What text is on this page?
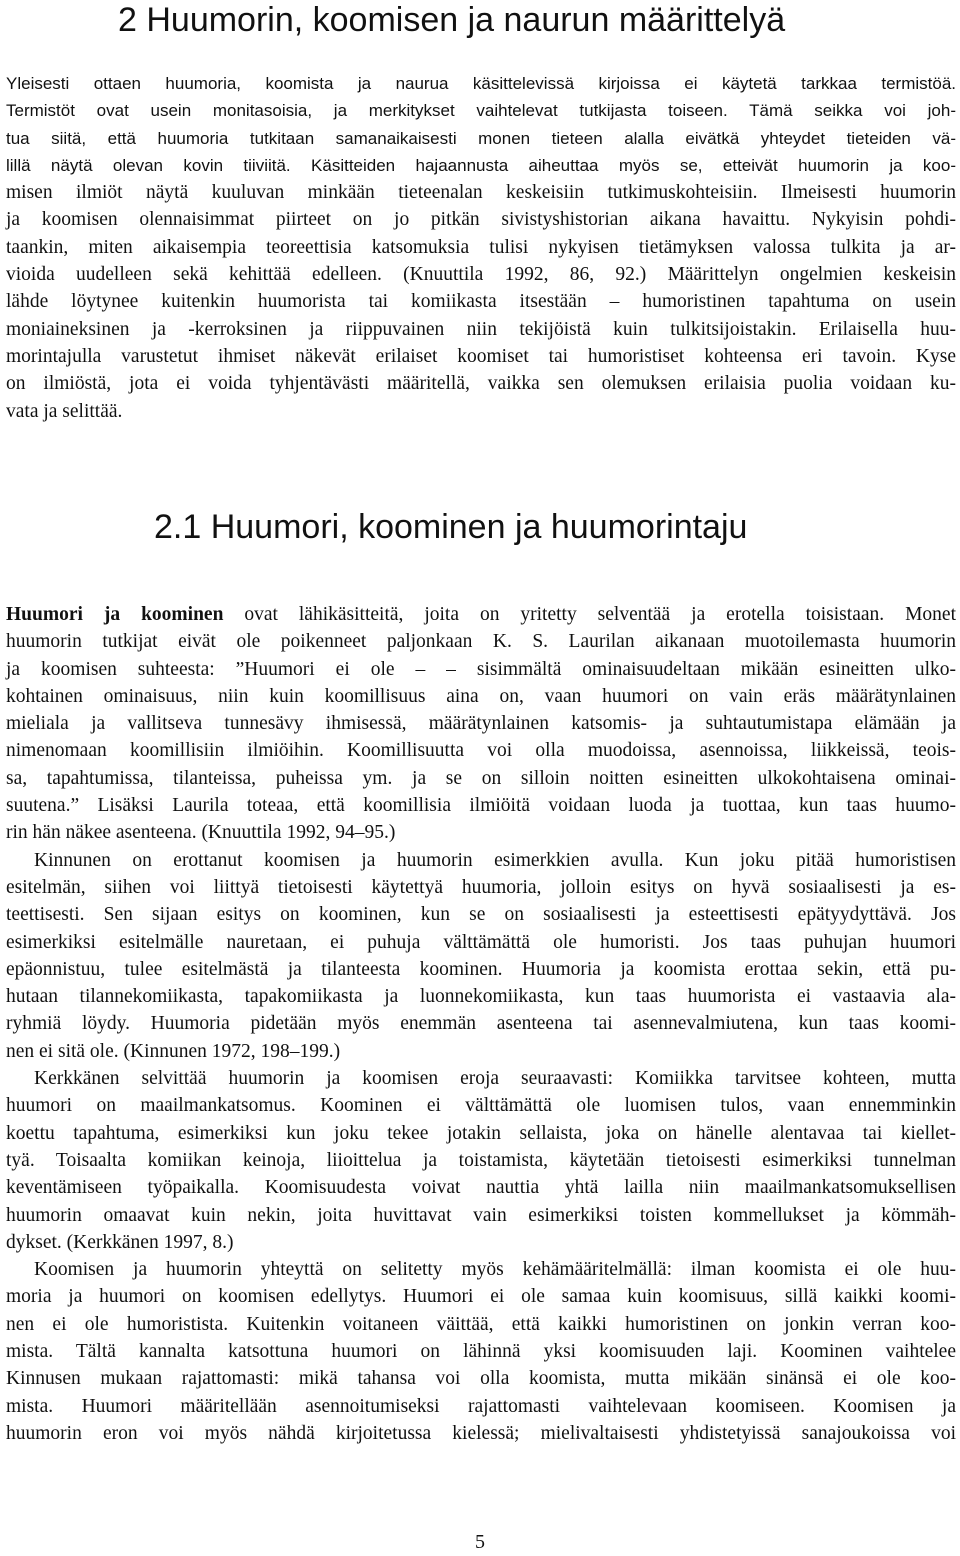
2 Huumorin, koomisen ja naurun määrittelyä
Yleisesti ottaen huumoria, koomista ja naurua käsittelevissä kirjoissa ei käytetä tarkkaa termistöä.
Termistöt ovat usein monitasoisia, ja merkitykset vaihtelevat tutkijasta toiseen. Tämä seikka voi joh-
tua siitä, että huumoria tutkitaan samanaikaisesti monen tieteen alalla eivätkä yhteydet tieteiden vä-
lillä näytä olevan kovin tiiviitä. Käsitteiden hajaannusta aiheuttaa myös se, etteivät huumorin ja koo-
misen ilmiöt näytä kuuluvan minkään tieteenalan keskeisiin tutkimuskohteisiin. Ilmeisesti huumorin
ja koomisen olennaisimmat piirteet on jo pitkän sivistyshistorian aikana havaittu. Nykyisin pohdi-
taankin, miten aikaisempia teoreettisia katsomuksia tulisi nykyisen tietämyksen valossa tulkita ja ar-
vioida uudelleen sekä kehittää edelleen. (Knuuttila 1992, 86, 92.) Määrittelyn ongelmien keskeisin
lähde löytynee kuitenkin huumorista tai komiikasta itsestään – humoristinen tapahtuma on usein
moniaineksinen ja -kerroksinen ja riippuvainen niin tekijöistä kuin tulkitsijoistakin. Erilaisella huu-
morintajulla varustetut ihmiset näkevät erilaiset koomiset tai humoristiset kohteensa eri tavoin. Kyse
on ilmiöstä, jota ei voida tyhjentävästi määritellä, vaikka sen olemuksen erilaisia puolia voidaan ku-
vata ja selittää.
2.1 Huumori, koominen ja huumorintaju
Huumori ja koominen ovat lähikäsitteitä, joita on yritetty selventää ja erotella toisistaan. Monet
huumorin tutkijat eivät ole poikenneet paljonkaan K. S. Laurilan aikanaan muotoilemasta huumorin
ja koomisen suhteesta: ”Huumori ei ole – – sisimmältä ominaisuudeltaan mikään esineitten ulko-
kohtainen ominaisuus, niin kuin koomillisuus aina on, vaan huumori on vain eräs määrätynlainen
mieliala ja vallitseva tunnesävy ihmisessä, määrätynlainen katsomis- ja suhtautumistapa elämään ja
nimenomaan koomillisiin ilmiöihin. Koomillisuutta voi olla muodoissa, asennoissa, liikkeissä, teois-
sa, tapahtumissa, tilanteissa, puheissa ym. ja se on silloin noitten esineitten ulkokohtaisena ominai-
suutena.” Lisäksi Laurila toteaa, että koomillisia ilmiöitä voidaan luoda ja tuottaa, kun taas huumo-
rin hän näkee asenteena. (Knuuttila 1992, 94–95.)
Kinnunen on erottanut koomisen ja huumorin esimerkkien avulla. Kun joku pitää humoristisen
esitelmän, siihen voi liittyä tietoisesti käytettyä huumoria, jolloin esitys on hyvä sosiaalisesti ja es-
teettisesti. Sen sijaan esitys on koominen, kun se on sosiaalisesti ja esteettisesti epätyydyttävä. Jos
esimerkiksi esitelmälle nauretaan, ei puhuja välttämättä ole humoristi. Jos taas puhujan huumori
epäonnistuu, tulee esitelmästä ja tilanteesta koominen. Huumoria ja koomista erottaa sekin, että pu-
hutaan tilannekomiikasta, tapakomiikasta ja luonnekomiikasta, kun taas huumorista ei vastaavia ala-
ryhmiä löydy. Huumoria pidetään myös enemmän asenteena tai asennevalmiutena, kun taas koomi-
nen ei sitä ole. (Kinnunen 1972, 198–199.)
Kerkkänen selvittää huumorin ja koomisen eroja seuraavasti: Komiikka tarvitsee kohteen, mutta
huumori on maailmankatsomus. Koominen ei välttämättä ole luomisen tulos, vaan ennemminkin
koettu tapahtuma, esimerkiksi kun joku tekee jotakin sellaista, joka on hänelle alentavaa tai kiellet-
tyä. Toisaalta komiikan keinoja, liioittelua ja toistamista, käytetään tietoisesti esimerkiksi tunnelman
keventämiseen työpaikalla. Koomisuudesta voivat nauttia yhtä lailla niin maailmankatsomuksellisen
huumorin omaavat kuin nekin, joita huvittavat vain esimerkiksi toisten kommellukset ja kömmäh-
dykset. (Kerkkänen 1997, 8.)
Koomisen ja huumorin yhteyttä on selitetty myös kehämääritelmällä: ilman koomista ei ole huu-
moria ja huumori on koomisen edellytys. Huumori ei ole samaa kuin koomisuus, sillä kaikki koomi-
nen ei ole humoristista. Kuitenkin voitaneen väittää, että kaikki humoristinen on jonkin verran koo-
mista. Tältä kannalta katsottuna huumori on lähinnä yksi koomisuuden laji. Koominen vaihtelee
Kinnusen mukaan rajattomasti: mikä tahansa voi olla koomista, mutta mikään sinänsä ei ole koo-
mista. Huumori määritellään asennoitumiseksi rajattomasti vaihtelevaan koomiseen. Koomisen ja
huumorin eron voi myös nähdä kirjoitetussa kielessä; mielivaltaisesti yhdistetyissä sanajoukoissa voi
5
